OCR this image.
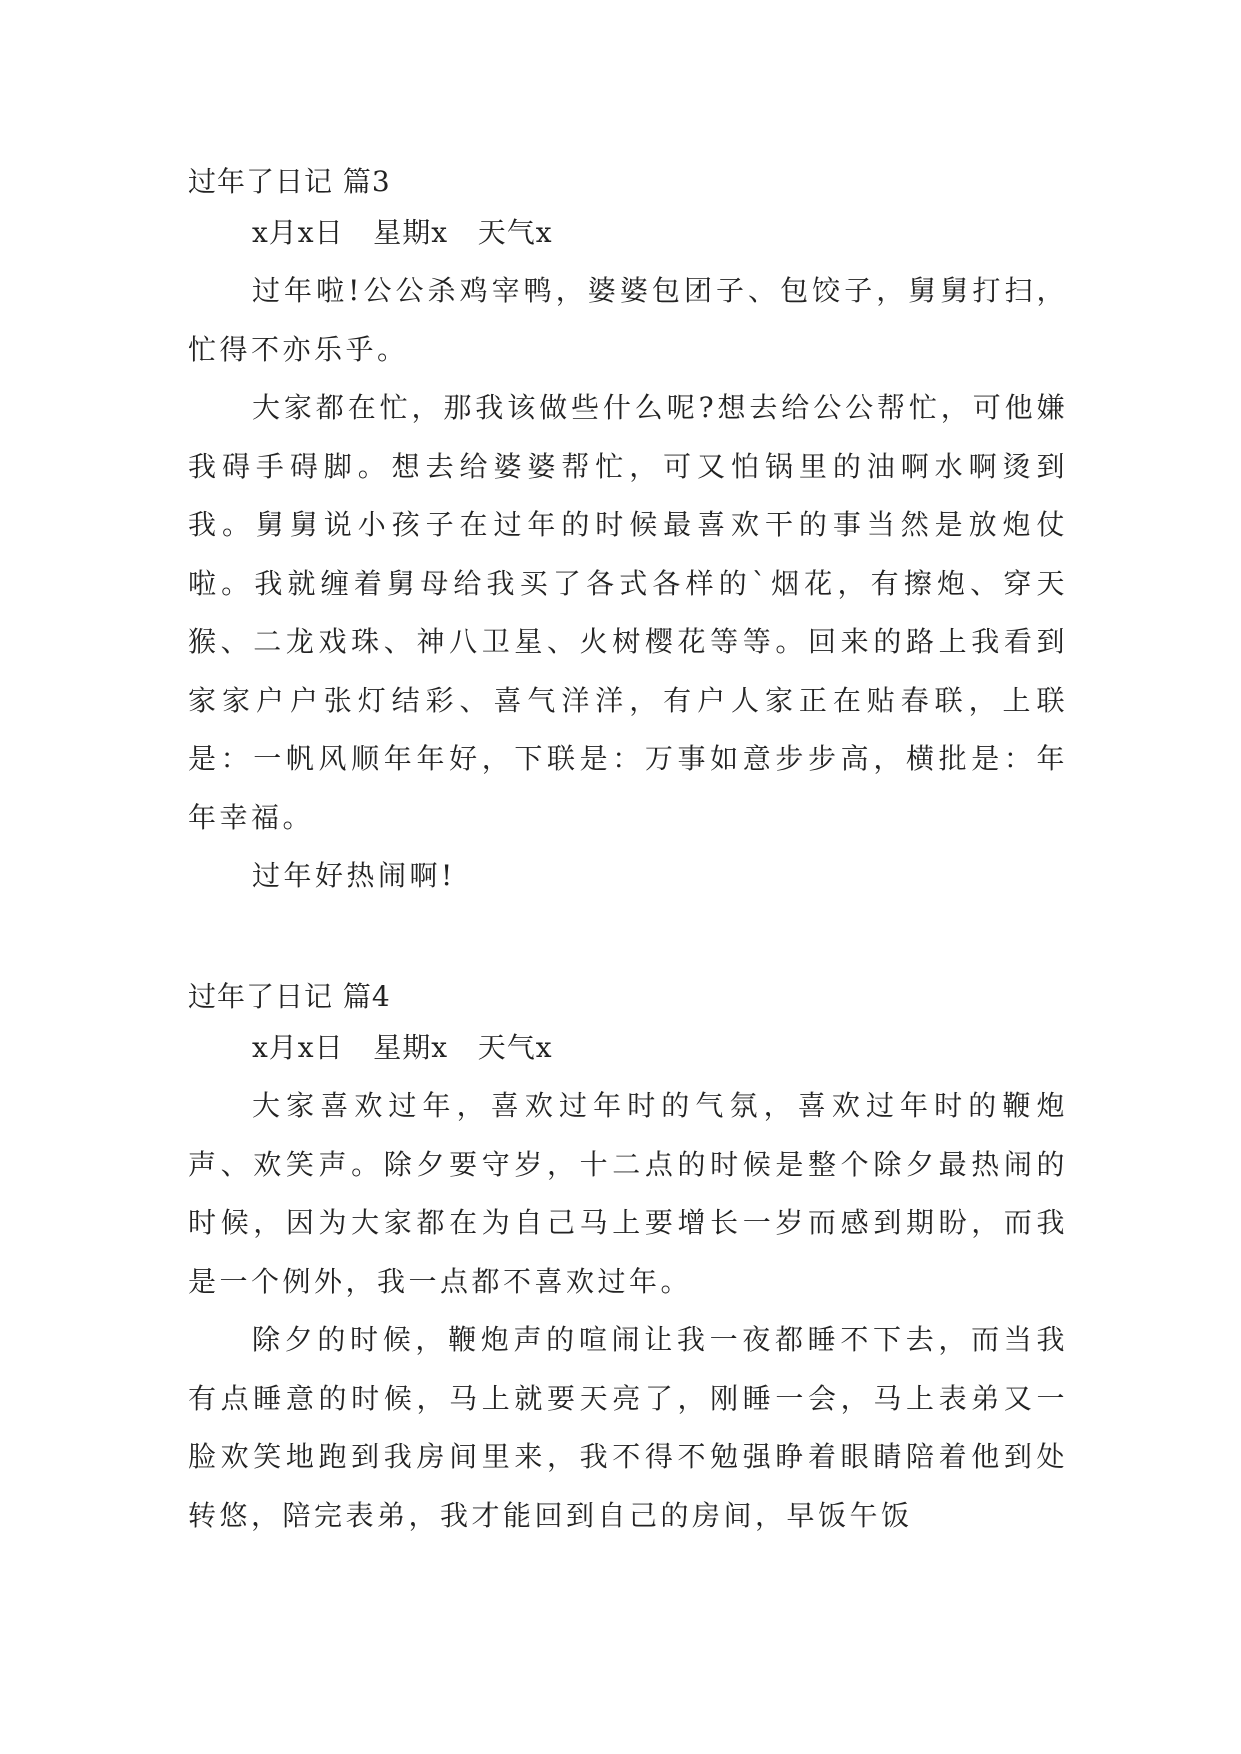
过年了日记 篇3

x月x日   星期x   天气x

过年啦!公公杀鸡宰鸭，婆婆包团子、包饺子，舅舅打扫，忙得不亦乐乎。

大家都在忙，那我该做些什么呢?想去给公公帮忙，可他嫌我碍手碍脚。想去给婆婆帮忙，可又怕锅里的油啊水啊烫到我。舅舅说小孩子在过年的时候最喜欢干的事当然是放炮仗啦。我就缠着舅母给我买了各式各样的`烟花，有擦炮、穿天猴、二龙戏珠、神八卫星、火树樱花等等。回来的路上我看到家家户户张灯结彩、喜气洋洋，有户人家正在贴春联，上联是：一帆风顺年年好，下联是：万事如意步步高，横批是：年年幸福。

过年好热闹啊!

过年了日记 篇4

x月x日   星期x   天气x

大家喜欢过年，喜欢过年时的气氛，喜欢过年时的鞭炮声、欢笑声。除夕要守岁，十二点的时候是整个除夕最热闹的时候，因为大家都在为自己马上要增长一岁而感到期盼，而我是一个例外，我一点都不喜欢过年。

除夕的时候，鞭炮声的喧闹让我一夜都睡不下去，而当我有点睡意的时候，马上就要天亮了，刚睡一会，马上表弟又一脸欢笑地跑到我房间里来，我不得不勉强睁着眼睛陪着他到处转悠，陪完表弟，我才能回到自己的房间，早饭午饭
